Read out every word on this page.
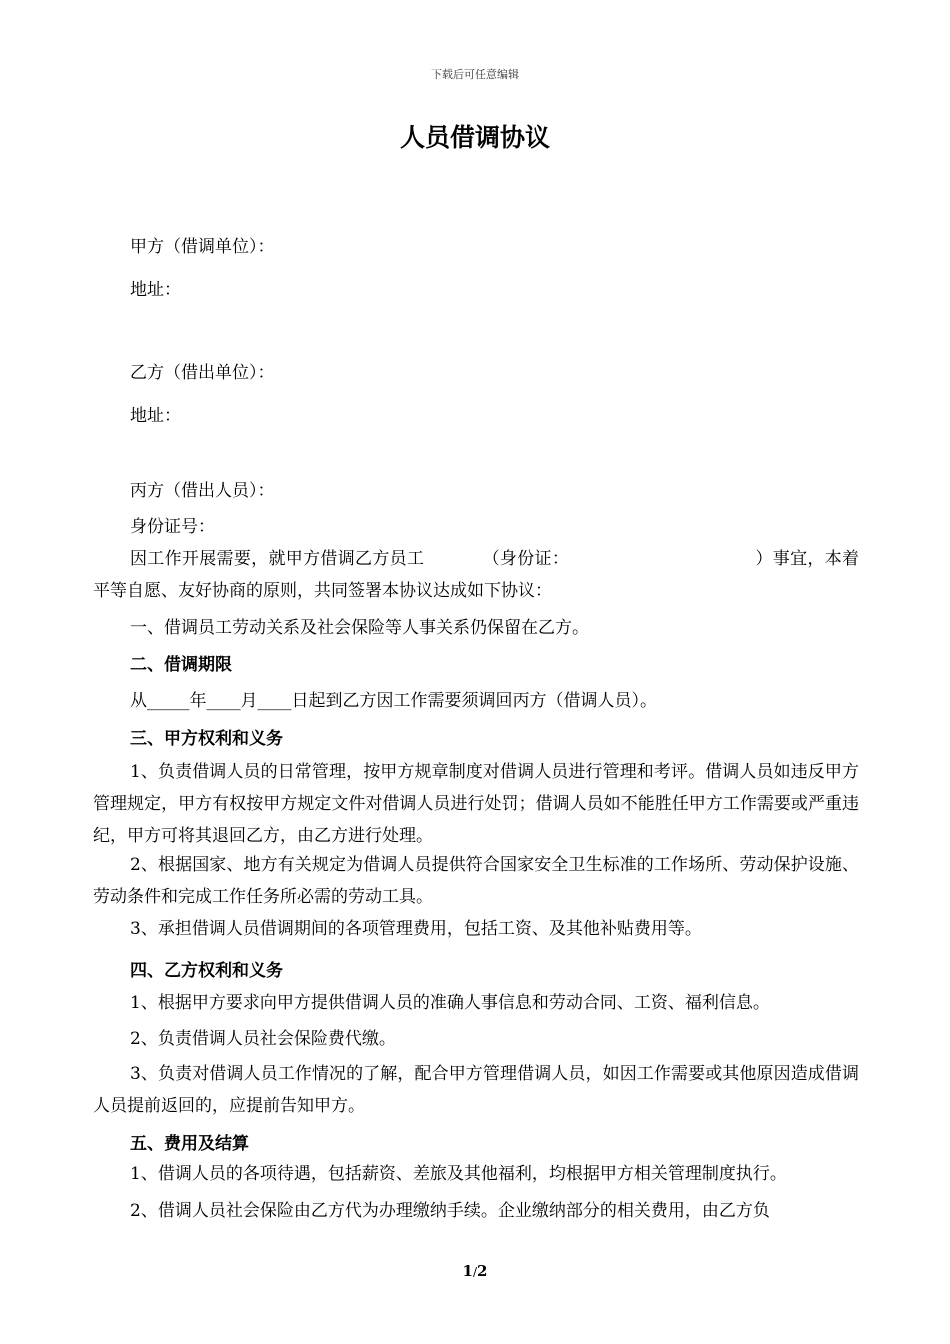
下载后可任意编辑
人员借调协议
甲方（借调单位）：
地址：
乙方（借出单位）：
地址：
丙方（借出人员）：
身份证号：
因工作开展需要，就甲方借调乙方员工	（身份证：	）事宜，本着平等自愿、友好协商的原则，共同签署本协议达成如下协议：
一、借调员工劳动关系及社会保险等人事关系仍保留在乙方。
二、借调期限
从_____年____月____日起到乙方因工作需要须调回丙方（借调人员）。
三、甲方权利和义务
1、负责借调人员的日常管理，按甲方规章制度对借调人员进行管理和考评。借调人员如违反甲方管理规定，甲方有权按甲方规定文件对借调人员进行处罚；借调人员如不能胜任甲方工作需要或严重违纪，甲方可将其退回乙方，由乙方进行处理。
2、根据国家、地方有关规定为借调人员提供符合国家安全卫生标准的工作场所、劳动保护设施、劳动条件和完成工作任务所必需的劳动工具。
3、承担借调人员借调期间的各项管理费用，包括工资、及其他补贴费用等。
四、乙方权利和义务
1、根据甲方要求向甲方提供借调人员的准确人事信息和劳动合同、工资、福利信息。
2、负责借调人员社会保险费代缴。
3、负责对借调人员工作情况的了解，配合甲方管理借调人员，如因工作需要或其他原因造成借调人员提前返回的，应提前告知甲方。
五、费用及结算
1、借调人员的各项待遇，包括薪资、差旅及其他福利，均根据甲方相关管理制度执行。
2、借调人员社会保险由乙方代为办理缴纳手续。企业缴纳部分的相关费用，由乙方负
1/2
